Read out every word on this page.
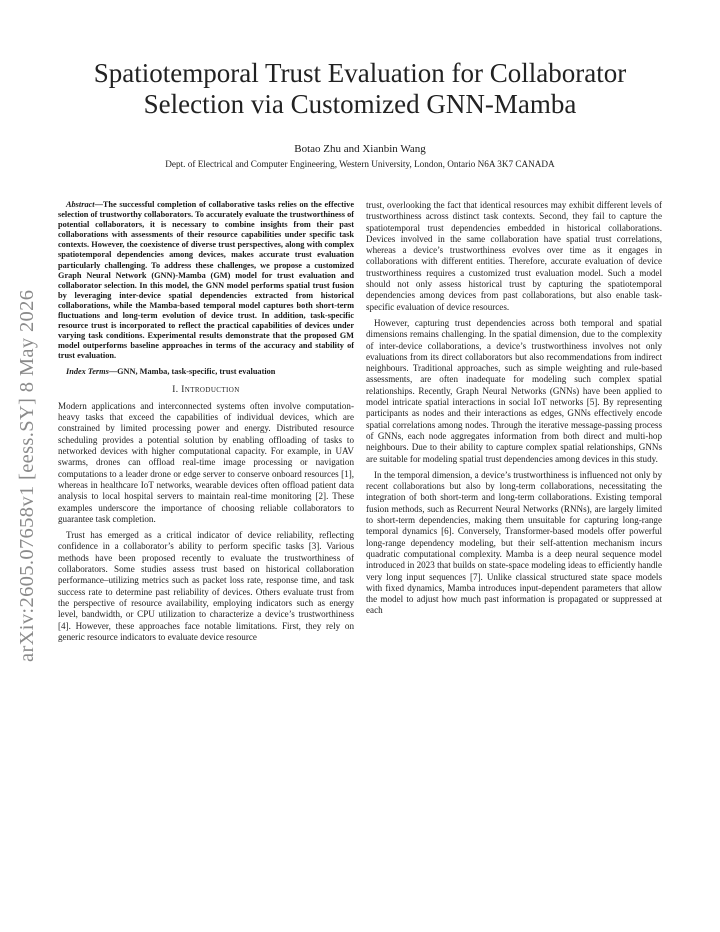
arXiv:2605.07658v1 [eess.SY] 8 May 2026
Spatiotemporal Trust Evaluation for Collaborator Selection via Customized GNN-Mamba
Botao Zhu and Xianbin Wang
Dept. of Electrical and Computer Engineering, Western University, London, Ontario N6A 3K7 CANADA

Abstract—The successful completion of collaborative tasks relies on the effective selection of trustworthy collaborators. To accurately evaluate the trustworthiness of potential collaborators, it is necessary to combine insights from their past collaborations with assessments of their resource capabilities under specific task contexts. However, the coexistence of diverse trust perspectives, along with complex spatiotemporal dependencies among devices, makes accurate trust evaluation particularly challenging. To address these challenges, we propose a customized Graph Neural Network (GNN)-Mamba (GM) model for trust evaluation and collaborator selection. In this model, the GNN model performs spatial trust fusion by leveraging inter-device spatial dependencies extracted from historical collaborations, while the Mamba-based temporal model captures both short-term fluctuations and long-term evolution of device trust. In addition, task-specific resource trust is incorporated to reflect the practical capabilities of devices under varying task conditions. Experimental results demonstrate that the proposed GM model outperforms baseline approaches in terms of the accuracy and stability of trust evaluation.

Index Terms—GNN, Mamba, task-specific, trust evaluation

I. Introduction

Modern applications and interconnected systems often involve computation-heavy tasks that exceed the capabilities of individual devices, which are constrained by limited processing power and energy. Distributed resource scheduling provides a potential solution by enabling offloading of tasks to networked devices with higher computational capacity. For example, in UAV swarms, drones can offload real-time image processing or navigation computations to a leader drone or edge server to conserve onboard resources [1], whereas in healthcare IoT networks, wearable devices often offload patient data analysis to local hospital servers to maintain real-time monitoring [2]. These examples underscore the importance of choosing reliable collaborators to guarantee task completion.

Trust has emerged as a critical indicator of device reliability, reflecting confidence in a collaborator’s ability to perform specific tasks [3]. Various methods have been proposed recently to evaluate the trustworthiness of collaborators. Some studies assess trust based on historical collaboration performance–utilizing metrics such as packet loss rate, response time, and task success rate to determine past reliability of devices. Others evaluate trust from the perspective of resource availability, employing indicators such as energy level, bandwidth, or CPU utilization to characterize a device’s trustworthiness [4]. However, these approaches face notable limitations. First, they rely on generic resource indicators to evaluate device resource

trust, overlooking the fact that identical resources may exhibit different levels of trustworthiness across distinct task contexts. Second, they fail to capture the spatiotemporal trust dependencies embedded in historical collaborations. Devices involved in the same collaboration have spatial trust correlations, whereas a device’s trustworthiness evolves over time as it engages in collaborations with different entities. Therefore, accurate evaluation of device trustworthiness requires a customized trust evaluation model. Such a model should not only assess historical trust by capturing the spatiotemporal dependencies among devices from past collaborations, but also enable task-specific evaluation of device resources.

However, capturing trust dependencies across both temporal and spatial dimensions remains challenging. In the spatial dimension, due to the complexity of inter-device collaborations, a device’s trustworthiness involves not only evaluations from its direct collaborators but also recommendations from indirect neighbours. Traditional approaches, such as simple weighting and rule-based assessments, are often inadequate for modeling such complex spatial relationships. Recently, Graph Neural Networks (GNNs) have been applied to model intricate spatial interactions in social IoT networks [5]. By representing participants as nodes and their interactions as edges, GNNs effectively encode spatial correlations among nodes. Through the iterative message-passing process of GNNs, each node aggregates information from both direct and multi-hop neighbours. Due to their ability to capture complex spatial relationships, GNNs are suitable for modeling spatial trust dependencies among devices in this study.

In the temporal dimension, a device’s trustworthiness is influenced not only by recent collaborations but also by long-term collaborations, necessitating the integration of both short-term and long-term collaborations. Existing temporal fusion methods, such as Recurrent Neural Networks (RNNs), are largely limited to short-term dependencies, making them unsuitable for capturing long-range temporal dynamics [6]. Conversely, Transformer-based models offer powerful long-range dependency modeling, but their self-attention mechanism incurs quadratic computational complexity. Mamba is a deep neural sequence model introduced in 2023 that builds on state-space modeling ideas to efficiently handle very long input sequences [7]. Unlike classical structured state space models with fixed dynamics, Mamba introduces input-dependent parameters that allow the model to adjust how much past information is propagated or suppressed at each
